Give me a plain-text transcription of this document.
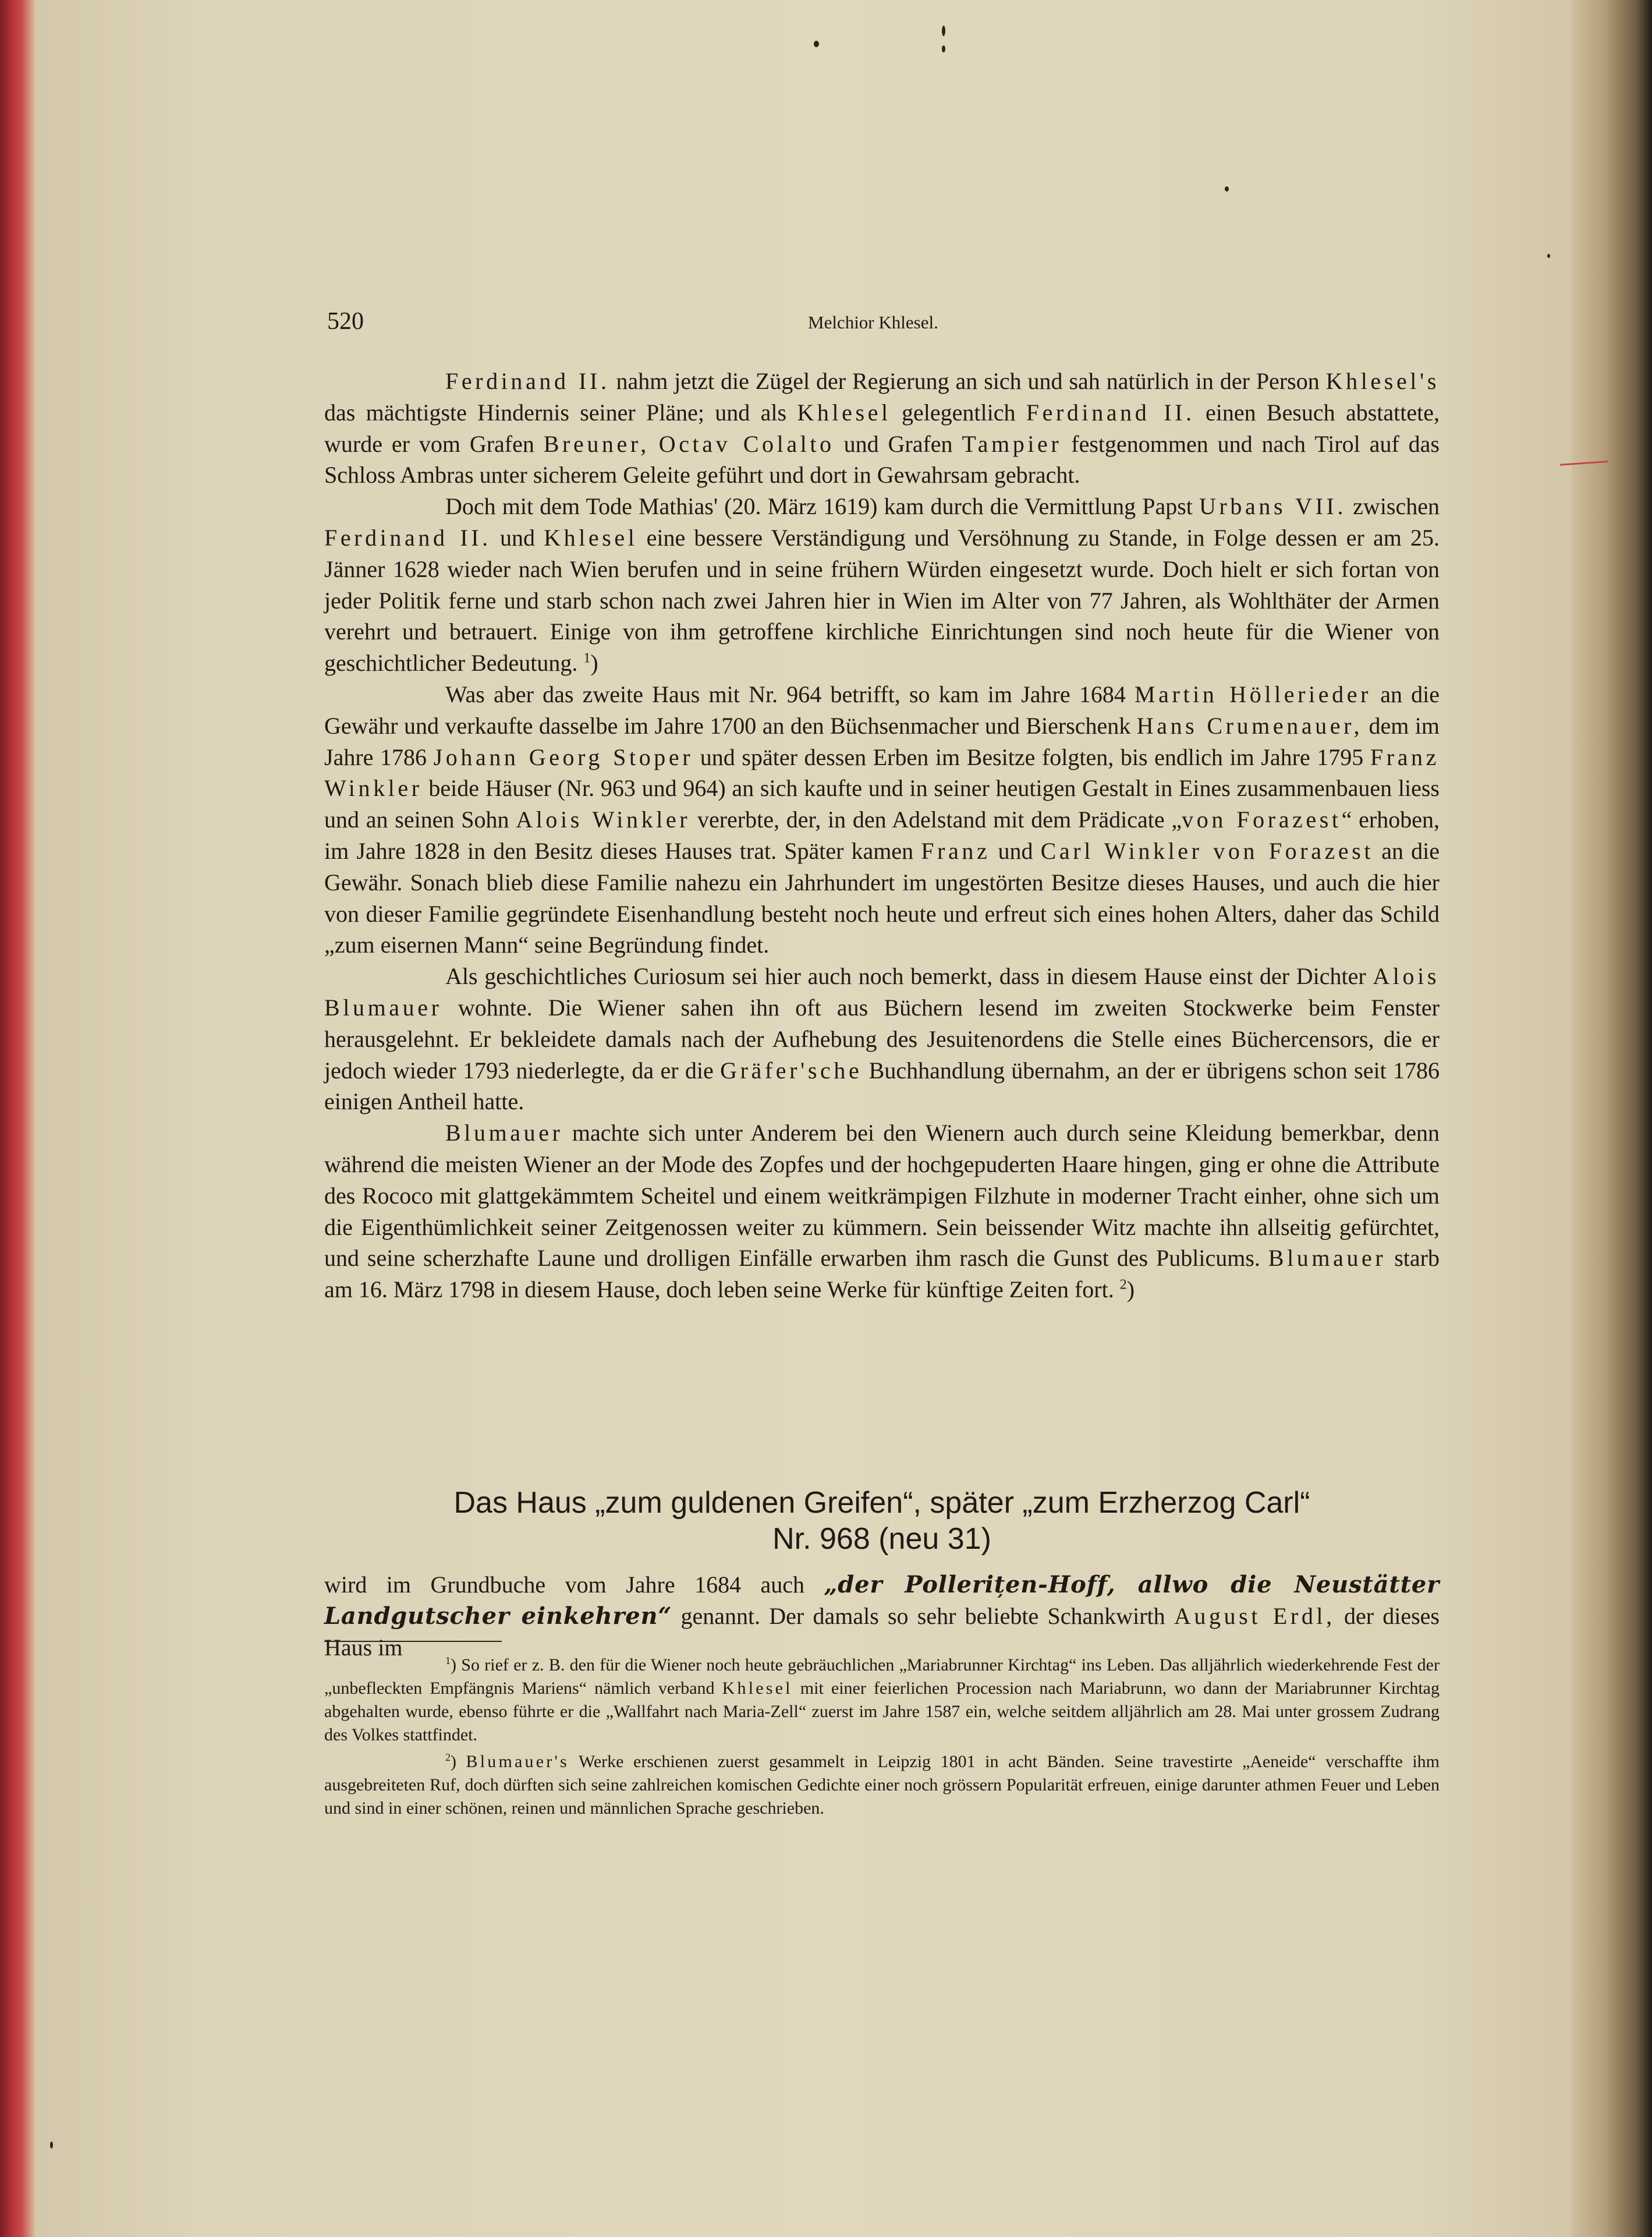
520	Melchior Khlesel.

Ferdinand II. nahm jetzt die Zügel der Regierung an sich und sah natürlich in der Person Khlesel's das mächtigste Hindernis seiner Pläne; und als Khlesel gelegentlich Ferdinand II. einen Besuch abstattete, wurde er vom Grafen Breuner, Octav Colalto und Grafen Tampier festgenommen und nach Tirol auf das Schloss Ambras unter sicherem Geleite geführt und dort in Gewahrsam gebracht.

Doch mit dem Tode Mathias' (20. März 1619) kam durch die Vermittlung Papst Urbans VII. zwischen Ferdinand II. und Khlesel eine bessere Verständigung und Versöhnung zu Stande, in Folge dessen er am 25. Jänner 1628 wieder nach Wien berufen und in seine frühern Würden eingesetzt wurde. Doch hielt er sich fortan von jeder Politik ferne und starb schon nach zwei Jahren hier in Wien im Alter von 77 Jahren, als Wohlthäter der Armen verehrt und betrauert. Einige von ihm getroffene kirchliche Einrichtungen sind noch heute für die Wiener von geschichtlicher Bedeutung. $^1$)

Was aber das zweite Haus mit Nr. 964 betrifft, so kam im Jahre 1684 Martin Höllerieder an die Gewähr und verkaufte dasselbe im Jahre 1700 an den Büchsenmacher und Bierschenk Hans Crumenauer, dem im Jahre 1786 Johann Georg Stoper und später dessen Erben im Besitze folgten, bis endlich im Jahre 1795 Franz Winkler beide Häuser (Nr. 963 und 964) an sich kaufte und in seiner heutigen Gestalt in Eines zusammenbauen liess und an seinen Sohn Alois Winkler vererbte, der, in den Adelstand mit dem Prädicate „von Forazest“ erhoben, im Jahre 1828 in den Besitz dieses Hauses trat. Später kamen Franz und Carl Winkler von Forazest an die Gewähr. Sonach blieb diese Familie nahezu ein Jahrhundert im ungestörten Besitze dieses Hauses, und auch die hier von dieser Familie gegründete Eisenhandlung besteht noch heute und erfreut sich eines hohen Alters, daher das Schild „zum eisernen Mann“ seine Begründung findet.

Als geschichtliches Curiosum sei hier auch noch bemerkt, dass in diesem Hause einst der Dichter Alois Blumauer wohnte. Die Wiener sahen ihn oft aus Büchern lesend im zweiten Stockwerke beim Fenster herausgelehnt. Er bekleidete damals nach der Aufhebung des Jesuitenordens die Stelle eines Büchercensors, die er jedoch wieder 1793 niederlegte, da er die Gräfer'sche Buchhandlung übernahm, an der er übrigens schon seit 1786 einigen Antheil hatte.

Blumauer machte sich unter Anderem bei den Wienern auch durch seine Kleidung bemerkbar, denn während die meisten Wiener an der Mode des Zopfes und der hochgepuderten Haare hingen, ging er ohne die Attribute des Rococo mit glattgekämmtem Scheitel und einem weitkrämpigen Filzhute in moderner Tracht einher, ohne sich um die Eigenthümlichkeit seiner Zeitgenossen weiter zu kümmern. Sein beissender Witz machte ihn allseitig gefürchtet, und seine scherzhafte Laune und drolligen Einfälle erwarben ihm rasch die Gunst des Publicums. Blumauer starb am 16. März 1798 in diesem Hause, doch leben seine Werke für künftige Zeiten fort. $^2$)

Das Haus „zum guldenen Greifen“, später „zum Erzherzog Carl“
Nr. 968 (neu 31)
wird im Grundbuche vom Jahre 1684 auch „der Pollerițen-Hoff, allwo die Neustätter Landgutscher einkehren“ genannt. Der damals so sehr beliebte Schankwirth August Erdl, der dieses Haus im

$^1$) So rief er z. B. den für die Wiener noch heute gebräuchlichen „Mariabrunner Kirchtag“ ins Leben. Das alljährlich wiederkehrende Fest der „unbefleckten Empfängnis Mariens“ nämlich verband Khlesel mit einer feierlichen Procession nach Mariabrunn, wo dann der Mariabrunner Kirchtag abgehalten wurde, ebenso führte er die „Wallfahrt nach Maria-Zell“ zuerst im Jahre 1587 ein, welche seitdem alljährlich am 28. Mai unter grossem Zudrang des Volkes stattfindet.

$^2$) Blumauer's Werke erschienen zuerst gesammelt in Leipzig 1801 in acht Bänden. Seine travestirte „Aeneide“ verschaffte ihm ausgebreiteten Ruf, doch dürften sich seine zahlreichen komischen Gedichte einer noch grössern Popularität erfreuen, einige darunter athmen Feuer und Leben und sind in einer schönen, reinen und männlichen Sprache geschrieben.
